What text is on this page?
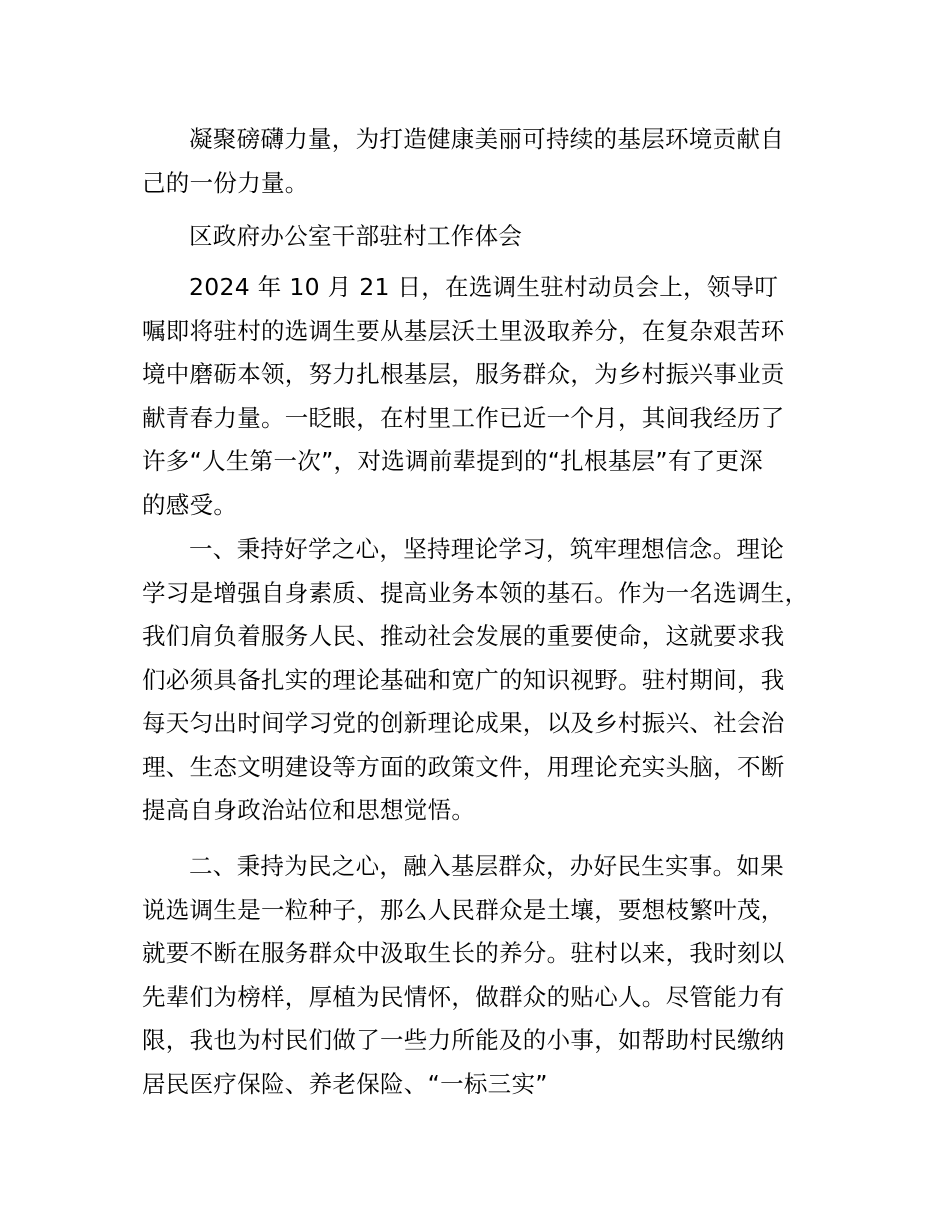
凝聚磅礴力量，为打造健康美丽可持续的基层环境贡献自
己的一份力量。
区政府办公室干部驻村工作体会
2024 年 10 月 21 日，在选调生驻村动员会上，领导叮
嘱即将驻村的选调生要从基层沃土里汲取养分，在复杂艰苦环
境中磨砺本领，努力扎根基层，服务群众，为乡村振兴事业贡
献青春力量。一眨眼，在村里工作已近一个月，其间我经历了
许多“人生第一次”，对选调前辈提到的“扎根基层”有了更深
的感受。
一、秉持好学之心，坚持理论学习，筑牢理想信念。理论
学习是增强自身素质、提高业务本领的基石。作为一名选调生，
我们肩负着服务人民、推动社会发展的重要使命，这就要求我
们必须具备扎实的理论基础和宽广的知识视野。驻村期间，我
每天匀出时间学习党的创新理论成果，以及乡村振兴、社会治
理、生态文明建设等方面的政策文件，用理论充实头脑，不断
提高自身政治站位和思想觉悟。
二、秉持为民之心，融入基层群众，办好民生实事。如果
说选调生是一粒种子，那么人民群众是土壤，要想枝繁叶茂，
就要不断在服务群众中汲取生长的养分。驻村以来，我时刻以
先辈们为榜样，厚植为民情怀，做群众的贴心人。尽管能力有
限，我也为村民们做了一些力所能及的小事，如帮助村民缴纳
居民医疗保险、养老保险、“一标三实”
